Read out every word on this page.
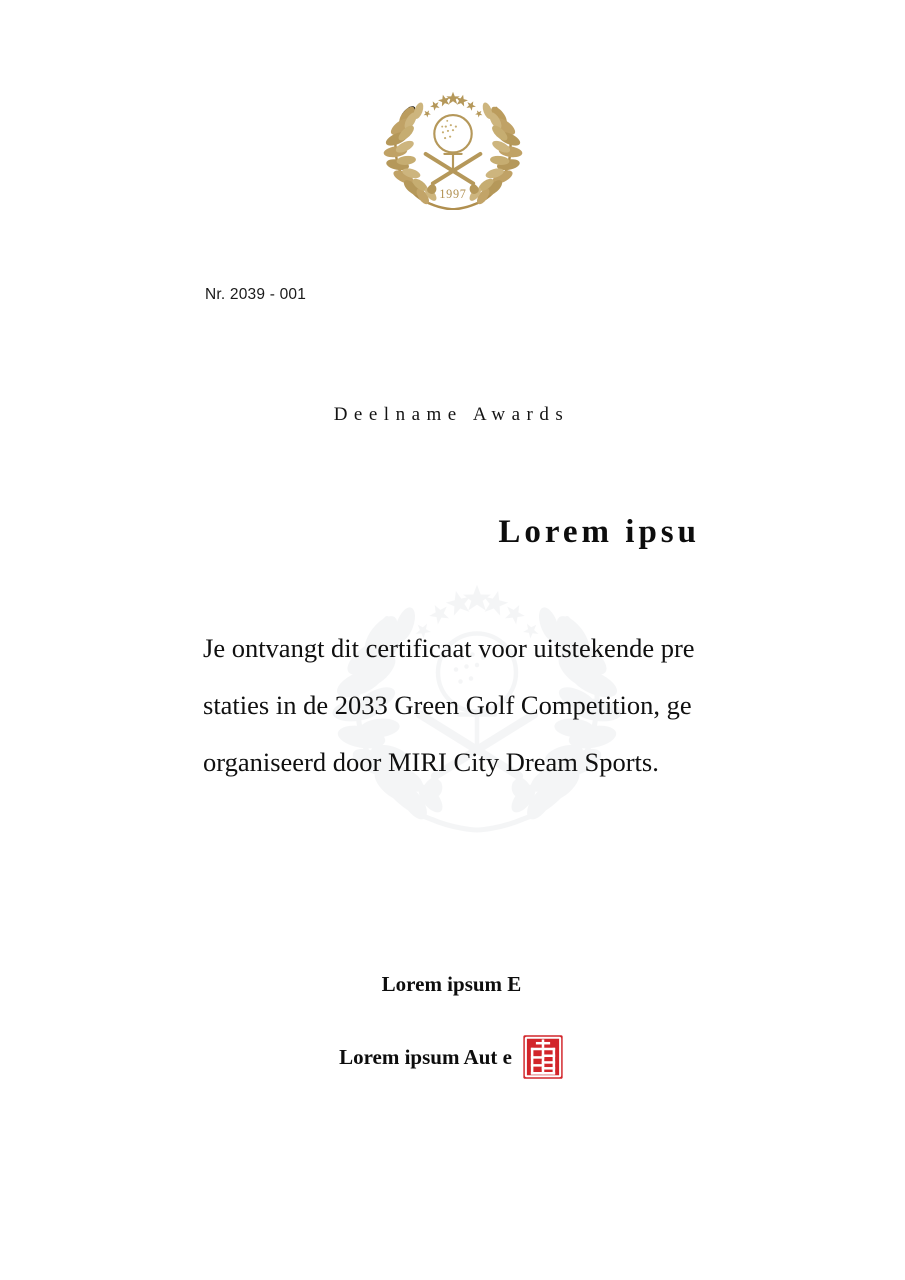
1997
Nr. 2039 - 001
Deelname Awards
Lorem ipsu
Je ontvangt dit certificaat voor uitstekende prestaties in de 2033 Green Golf Competition, georganiseerd door MIRI City Dream Sports.
Lorem ipsum E
Lorem ipsum Aut e
